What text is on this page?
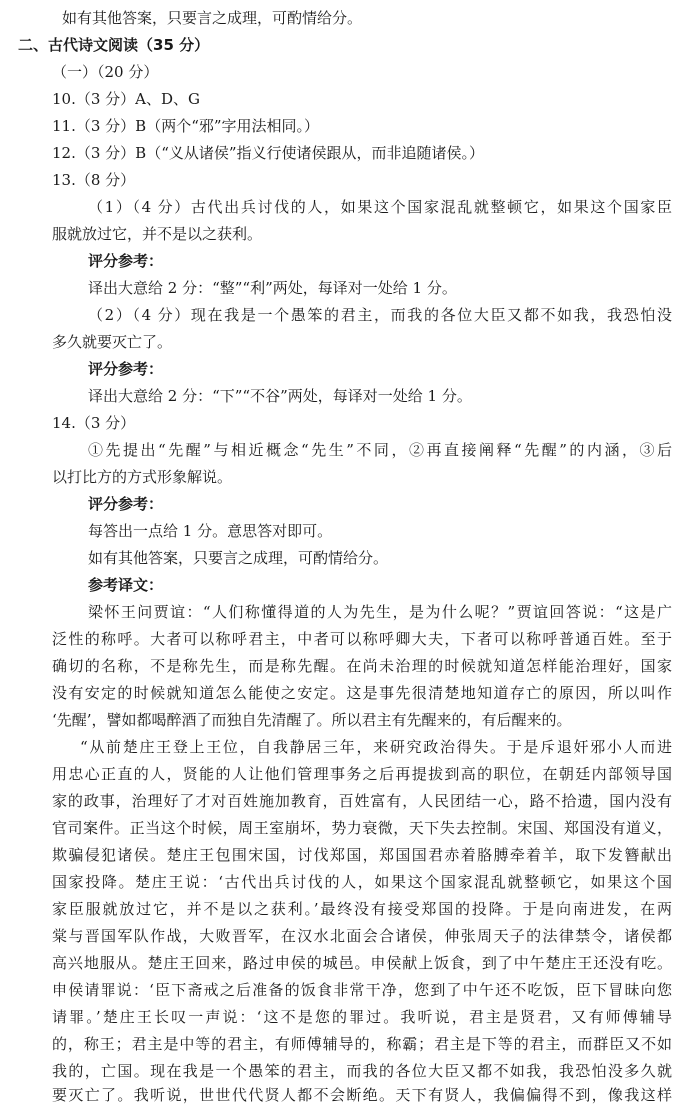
如有其他答案，只要言之成理，可酌情给分。
二、古代诗文阅读（35 分）
（一）（20 分）
10.（3 分）A、D、G
11.（3 分）B（两个“邪”字用法相同。）
12.（3 分）B（“义从诸侯”指义行使诸侯跟从，而非追随诸侯。）
13.（8 分）
（1）（4 分）古代出兵讨伐的人，如果这个国家混乱就整顿它，如果这个国家臣
服就放过它，并不是以之获利。
评分参考：
译出大意给 2 分：“整”“利”两处，每译对一处给 1 分。
（2）（4 分）现在我是一个愚笨的君主，而我的各位大臣又都不如我，我恐怕没
多久就要灭亡了。
评分参考：
译出大意给 2 分：“下”“不谷”两处，每译对一处给 1 分。
14.（3 分）
①先提出“先醒”与相近概念“先生”不同，②再直接阐释“先醒”的内涵，③后
以打比方的方式形象解说。
评分参考：
每答出一点给 1 分。意思答对即可。
如有其他答案，只要言之成理，可酌情给分。
参考译文：
梁怀王问贾谊：“人们称懂得道的人为先生，是为什么呢？”贾谊回答说：“这是广
泛性的称呼。大者可以称呼君主，中者可以称呼卿大夫，下者可以称呼普通百姓。至于
确切的名称，不是称先生，而是称先醒。在尚未治理的时候就知道怎样能治理好，国家
没有安定的时候就知道怎么能使之安定。这是事先很清楚地知道存亡的原因，所以叫作
‘先醒’，譬如都喝醉酒了而独自先清醒了。所以君主有先醒来的，有后醒来的。
“从前楚庄王登上王位，自我静居三年，来研究政治得失。于是斥退奸邪小人而进
用忠心正直的人，贤能的人让他们管理事务之后再提拔到高的职位，在朝廷内部领导国
家的政事，治理好了才对百姓施加教育，百姓富有，人民团结一心，路不拾遗，国内没有
官司案件。正当这个时候，周王室崩坏，势力衰微，天下失去控制。宋国、郑国没有道义，
欺骗侵犯诸侯。楚庄王包围宋国，讨伐郑国，郑国国君赤着胳膊牵着羊，取下发簪献出
国家投降。楚庄王说：‘古代出兵讨伐的人，如果这个国家混乱就整顿它，如果这个国
家臣服就放过它，并不是以之获利。’最终没有接受郑国的投降。于是向南进发，在两
棠与晋国军队作战，大败晋军，在汉水北面会合诸侯，伸张周天子的法律禁令，诸侯都
高兴地服从。楚庄王回来，路过申侯的城邑。申侯献上饭食，到了中午楚庄王还没有吃。
申侯请罪说：‘臣下斋戒之后准备的饭食非常干净，您到了中午还不吃饭，臣下冒昧向您
请罪。’楚庄王长叹一声说：‘这不是您的罪过。我听说，君主是贤君，又有师傅辅导
的，称王；君主是中等的君主，有师傅辅导的，称霸；君主是下等的君主，而群臣又不如
我的，亡国。现在我是一个愚笨的君主，而我的各位大臣又都不如我，我恐怕没多久就
要灭亡了。我听说，世世代代贤人都不会断绝。天下有贤人，我偏偏得不到，像我这样
